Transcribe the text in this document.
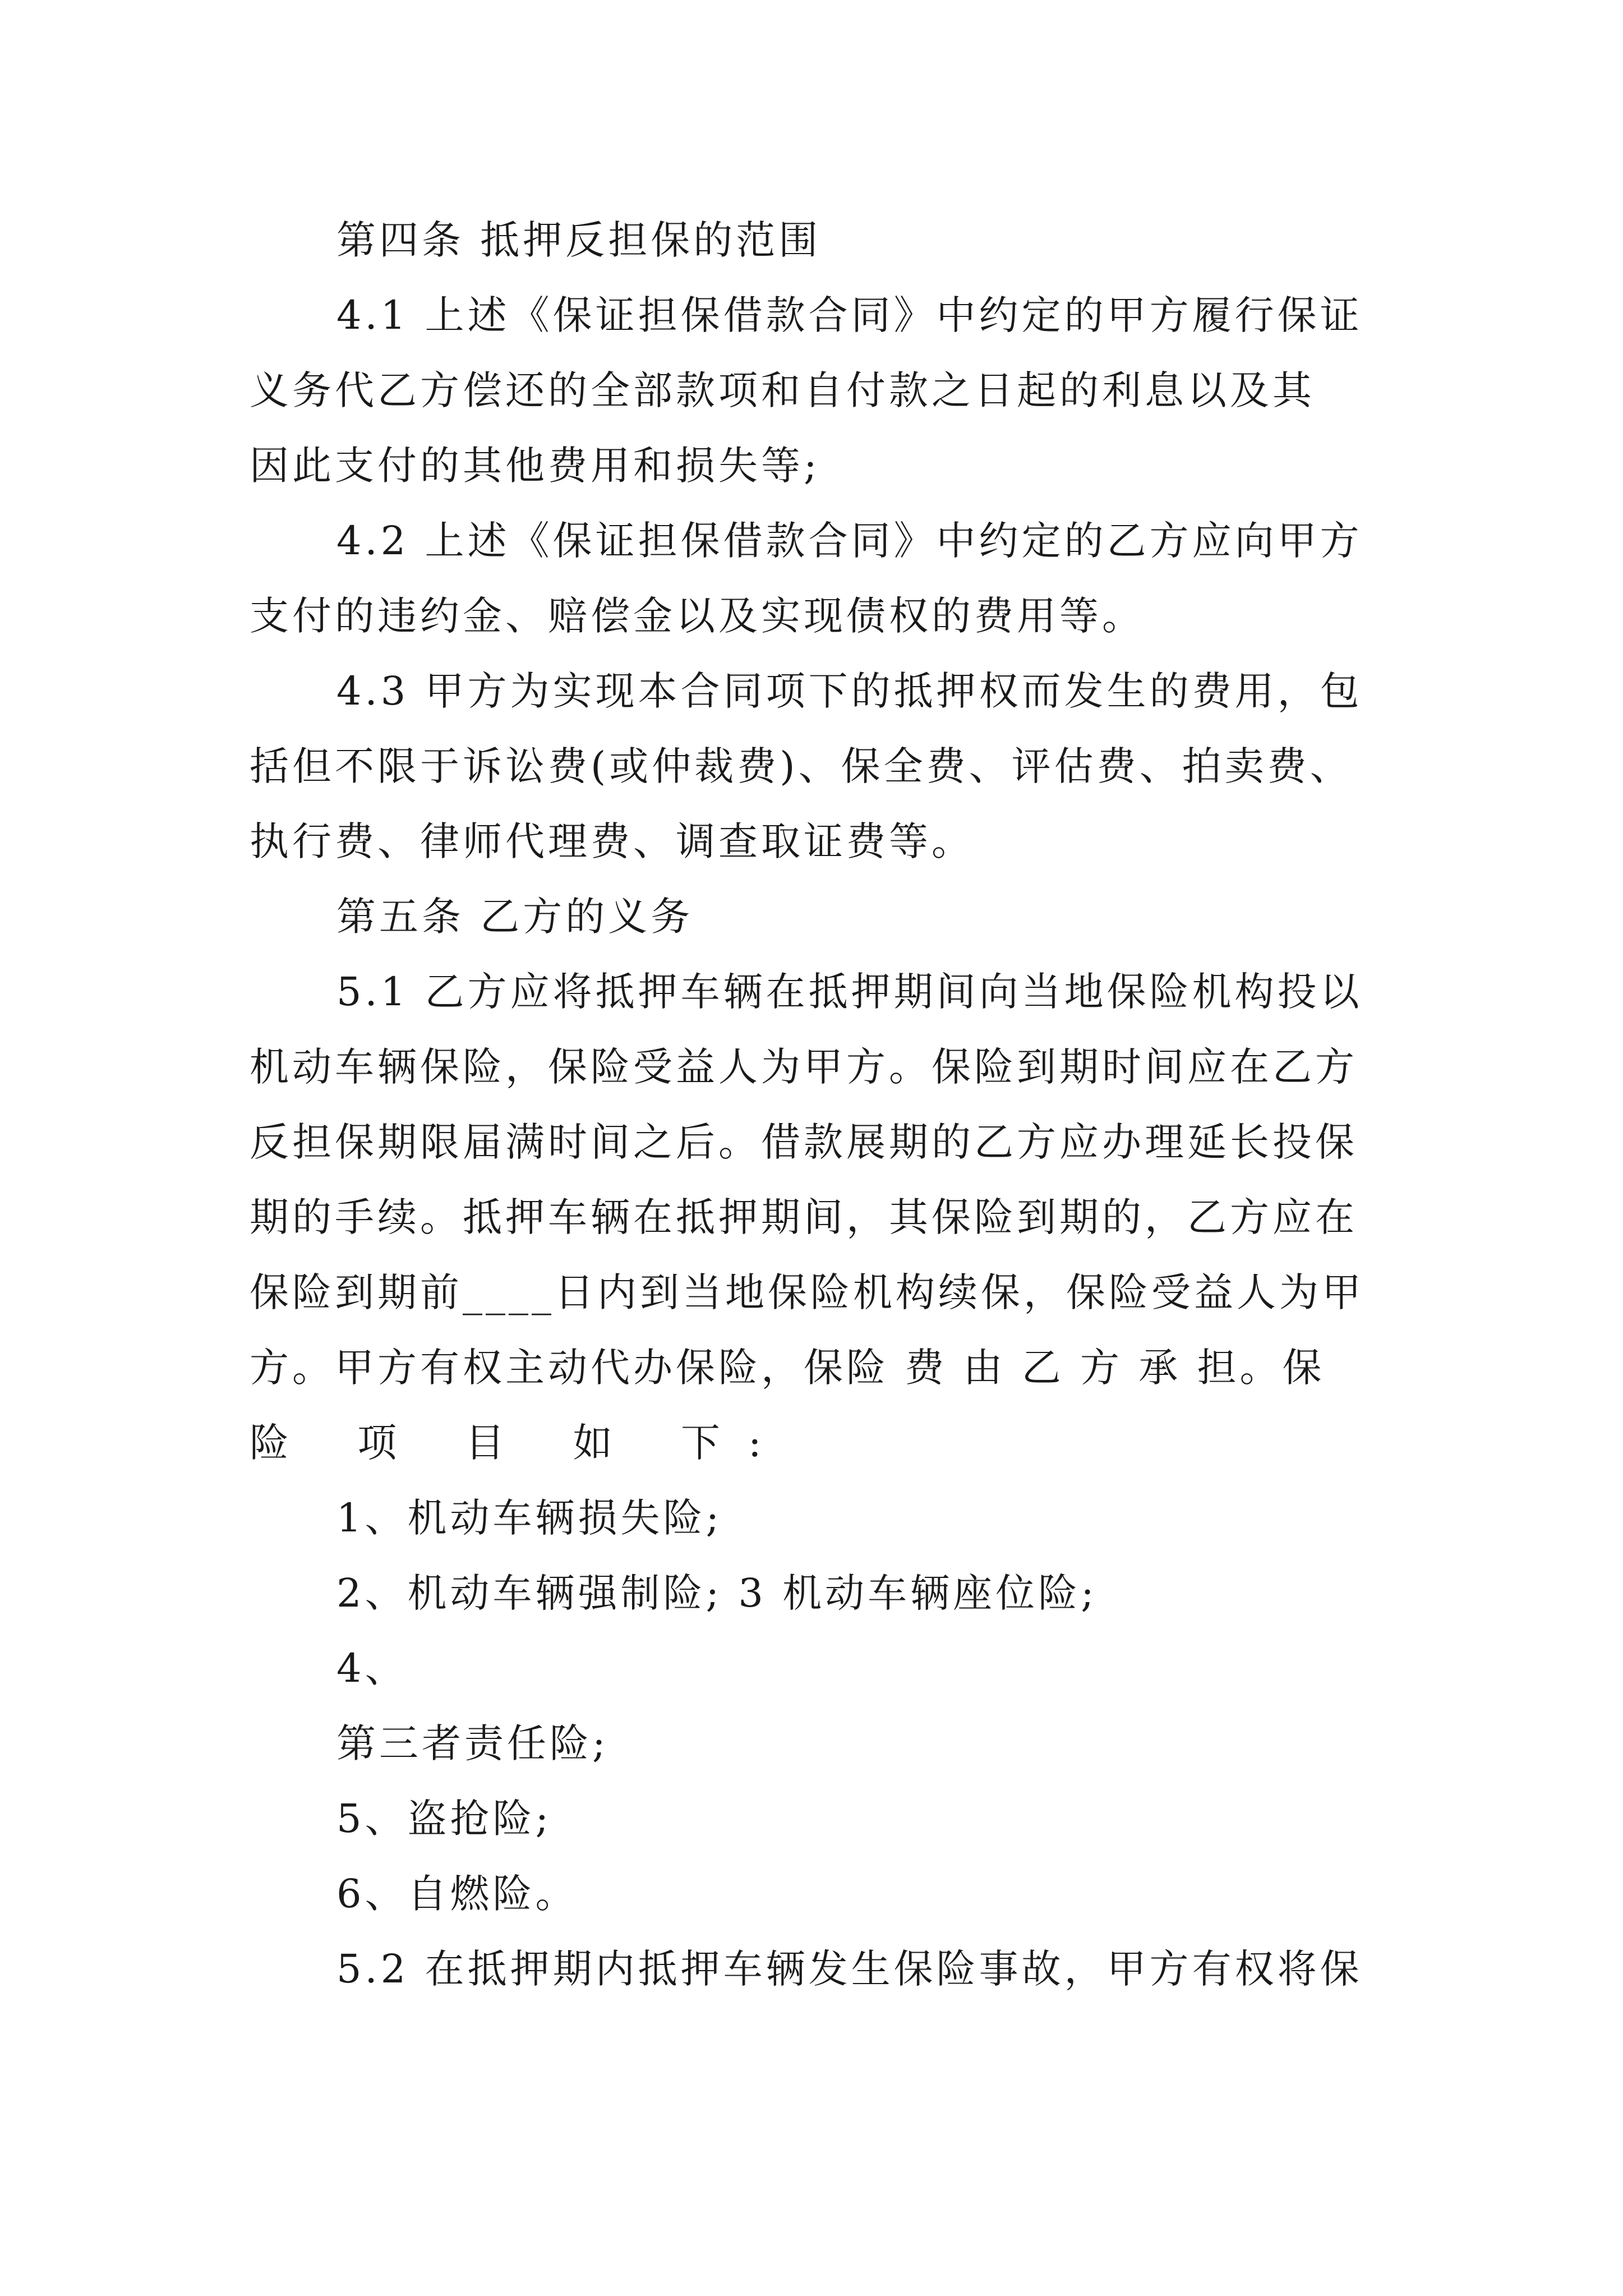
第四条 抵押反担保的范围

4.1 上述《保证担保借款合同》中约定的甲方履行保证

义务代乙方偿还的全部款项和自付款之日起的利息以及其

因此支付的其他费用和损失等;

4.2 上述《保证担保借款合同》中约定的乙方应向甲方

支付的违约金、赔偿金以及实现债权的费用等。

4.3 甲方为实现本合同项下的抵押权而发生的费用，包

括但不限于诉讼费(或仲裁费)、保全费、评估费、拍卖费、

执行费、律师代理费、调查取证费等。

第五条 乙方的义务

5.1 乙方应将抵押车辆在抵押期间向当地保险机构投以

机动车辆保险，保险受益人为甲方。保险到期时间应在乙方

反担保期限届满时间之后。借款展期的乙方应办理延长投保

期的手续。抵押车辆在抵押期间，其保险到期的，乙方应在

保险到期前____日内到当地保险机构续保，保险受益人为甲

方。甲方有权主动代办保险，保险 费 由 乙 方 承 担。保

险 项 目 如 下:

1、机动车辆损失险;

2、机动车辆强制险; 3 机动车辆座位险;

4、

第三者责任险;

5、盗抢险;

6、自燃险。

5.2 在抵押期内抵押车辆发生保险事故，甲方有权将保
